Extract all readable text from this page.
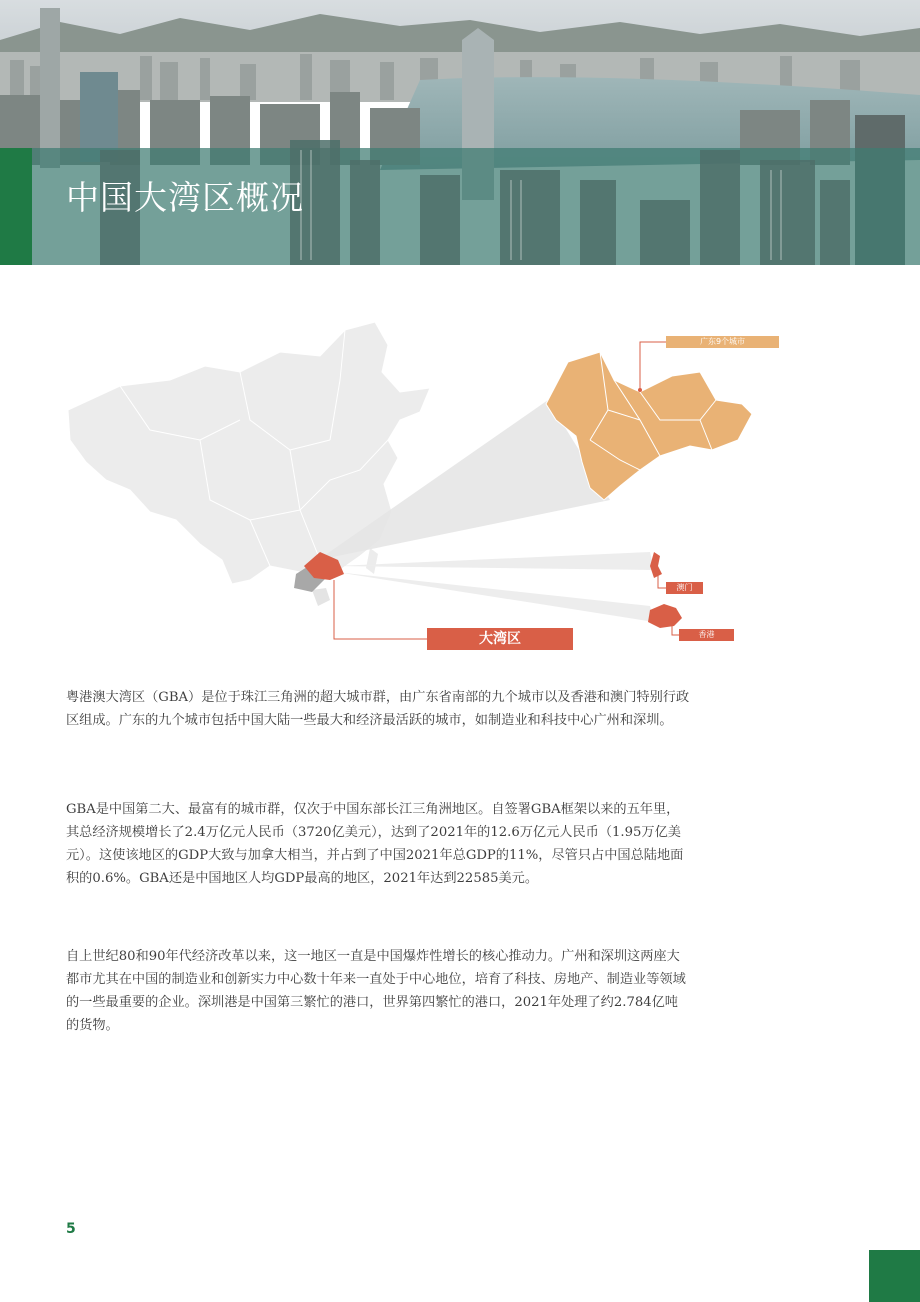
中国大湾区概况
广东9个城市
澳门
香港
大湾区

粤港澳大湾区（GBA）是位于珠江三角洲的超大城市群，由广东省南部的九个城市以及香港和澳门特别行政区组成。广东的九个城市包括中国大陆一些最大和经济最活跃的城市，如制造业和科技中心广州和深圳。

GBA是中国第二大、最富有的城市群，仅次于中国东部长江三角洲地区。自签署GBA框架以来的五年里，其总经济规模增长了2.4万亿元人民币（3720亿美元），达到了2021年的12.6万亿元人民币（1.95万亿美元）。这使该地区的GDP大致与加拿大相当，并占到了中国2021年总GDP的11%，尽管只占中国总陆地面积的0.6%。GBA还是中国地区人均GDP最高的地区，2021年达到22585美元。

自上世纪80和90年代经济改革以来，这一地区一直是中国爆炸性增长的核心推动力。广州和深圳这两座大都市尤其在中国的制造业和创新实力中心数十年来一直处于中心地位，培育了科技、房地产、制造业等领域的一些最重要的企业。深圳港是中国第三繁忙的港口，世界第四繁忙的港口，2021年处理了约2.784亿吨的货物。

5
